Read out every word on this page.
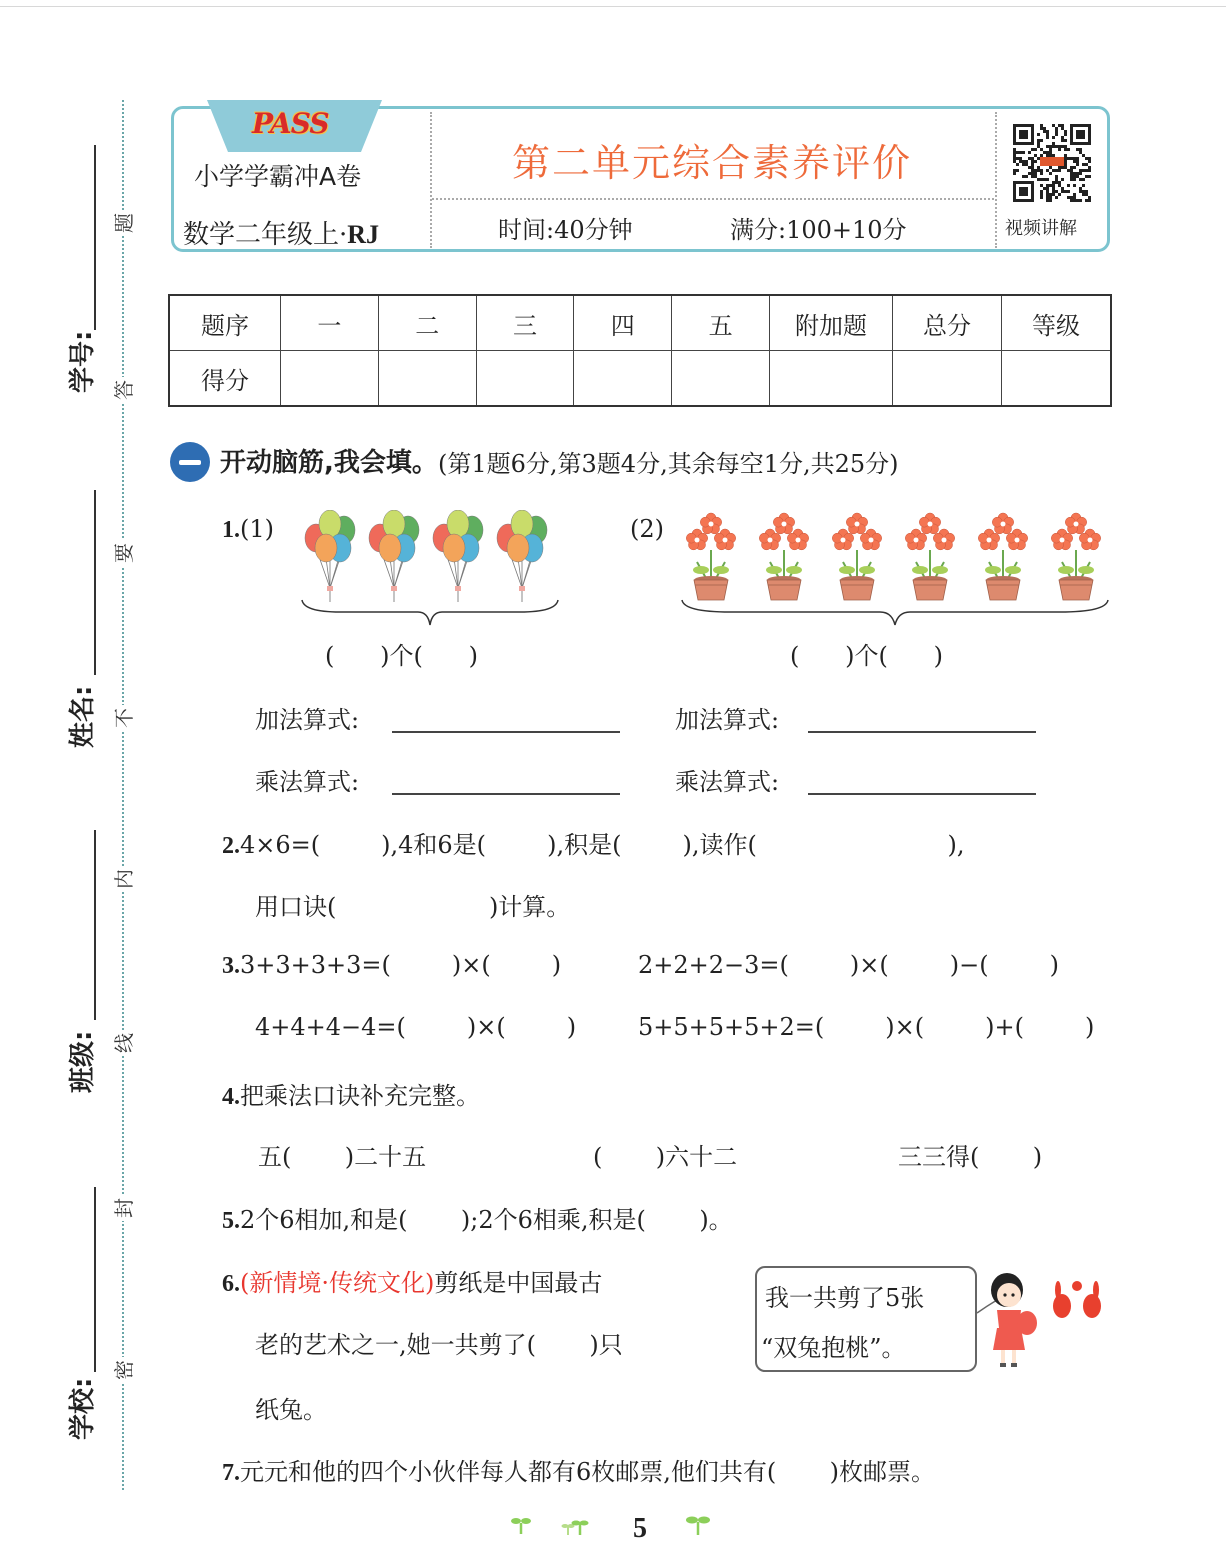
学号:
姓名:
班级:
学校:
题
答
要
不
内
线
封
密
PASS
小学学霸冲A卷
数学二年级上·RJ
第二单元综合素养评价
时间:40分钟	满分:100+10分	视频讲解
题序	一	二	三	四	五	附加题	总分	等级
得分								
开动脑筋,我会填。 (第1题6分,第3题4分,其余每空1分,共25分)
1.(1)	(2)
(      )个(      )	(      )个(      )
加法算式:	加法算式:
乘法算式:	乘法算式:
2.4×6=(        ),4和6是(        ),积是(        ),读作(                         ),
用口诀(                    )计算。
3.3+3+3+3=(        )×(        )	2+2+2−3=(        )×(        )−(        )
4+4+4−4=(        )×(        )	5+5+5+5+2=(        )×(        )+(        )
4.把乘法口诀补充完整。
五(       )二十五	(       )六十二	三三得(       )
5.2个6相加,和是(       );2个6相乘,积是(       )。
6.(新情境·传统文化)剪纸是中国最古
老的艺术之一,她一共剪了(       )只
纸兔。
我一共剪了5张
“双兔抱桃”。
7.元元和他的四个小伙伴每人都有6枚邮票,他们共有(       )枚邮票。
5
